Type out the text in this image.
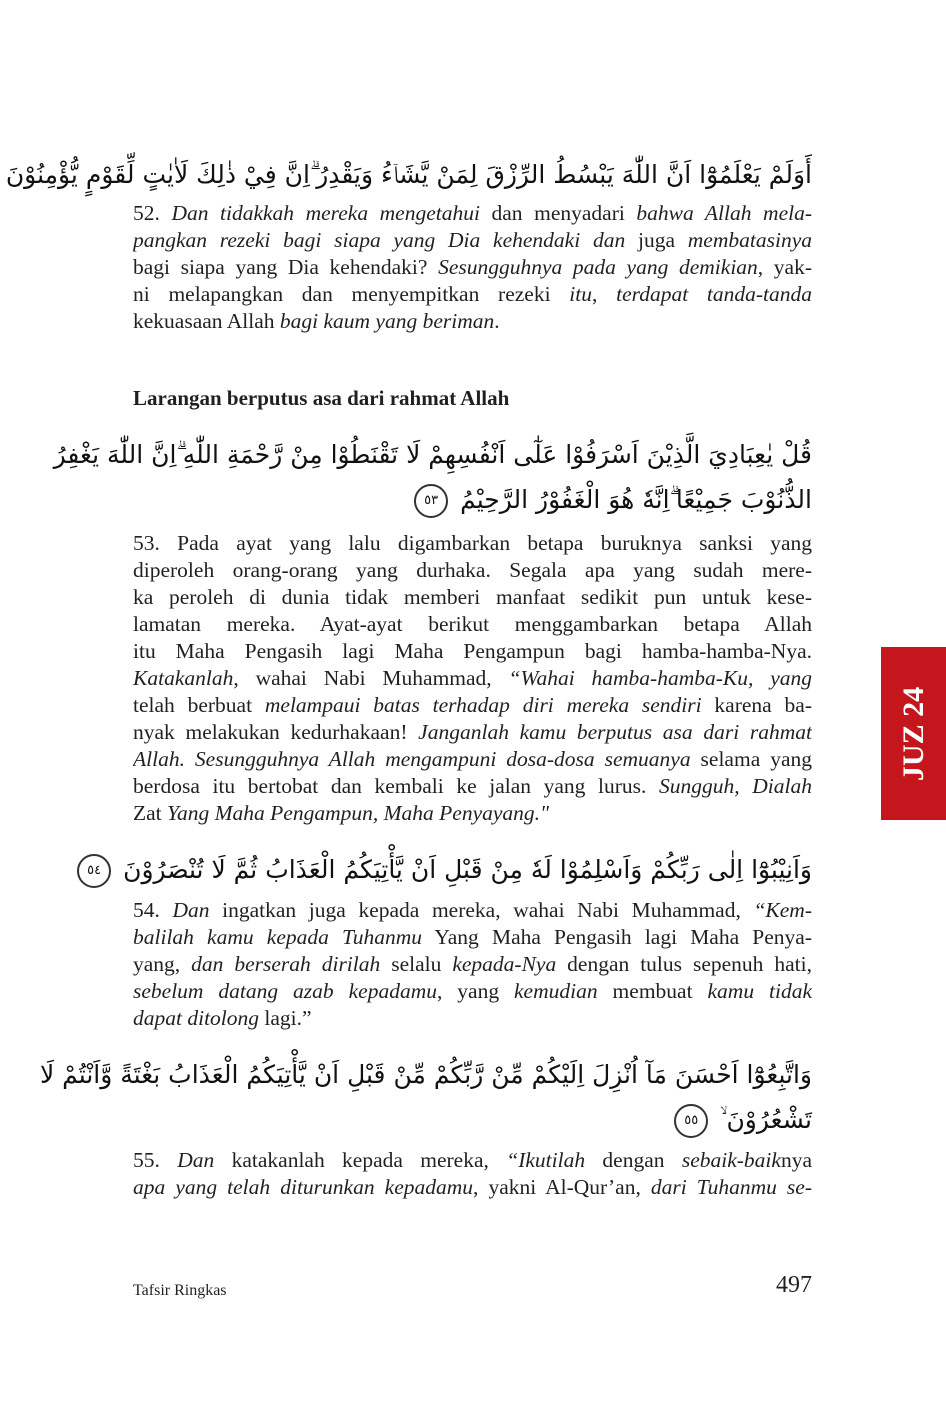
أَوَلَمْ يَعْلَمُوْٓا اَنَّ اللّٰهَ يَبْسُطُ الرِّزْقَ لِمَنْ يَّشَاۤءُ وَيَقْدِرُ ۗاِنَّ فِيْ ذٰلِكَ لَاٰيٰتٍ لِّقَوْمٍ يُّؤْمِنُوْنَ
52. Dan tidakkah mereka mengetahui dan menyadari bahwa Allah mela-
pangkan rezeki bagi siapa yang Dia kehendaki dan juga membatasinya
bagi siapa yang Dia kehendaki? Sesungguhnya pada yang demikian, yak-
ni melapangkan dan menyempitkan rezeki itu, terdapat tanda-tanda
kekuasaan Allah bagi kaum yang beriman.
Larangan berputus asa dari rahmat Allah
قُلْ يٰعِبَادِيَ الَّذِيْنَ اَسْرَفُوْا عَلٰٓى اَنْفُسِهِمْ لَا تَقْنَطُوْا مِنْ رَّحْمَةِ اللّٰهِ ۗاِنَّ اللّٰهَ يَغْفِرُ
الذُّنُوْبَ جَمِيْعًا ۗاِنَّهٗ هُوَ الْغَفُوْرُ الرَّحِيْمُ ٥٣
53. Pada ayat yang lalu digambarkan betapa buruknya sanksi yang
diperoleh orang-orang yang durhaka. Segala apa yang sudah mere-
ka peroleh di dunia tidak memberi manfaat sedikit pun untuk kese-
lamatan mereka. Ayat-ayat berikut menggambarkan betapa Allah
itu Maha Pengasih lagi Maha Pengampun bagi hamba-hamba-Nya.
Katakanlah, wahai Nabi Muhammad, “Wahai hamba-hamba-Ku, yang
telah berbuat melampaui batas terhadap diri mereka sendiri karena ba-
nyak melakukan kedurhakaan! Janganlah kamu berputus asa dari rahmat
Allah. Sesungguhnya Allah mengampuni dosa-dosa semuanya selama yang
berdosa itu bertobat dan kembali ke jalan yang lurus. Sungguh, Dialah
Zat Yang Maha Pengampun, Maha Penyayang."
وَاَنِيْبُوْٓا اِلٰى رَبِّكُمْ وَاَسْلِمُوْا لَهٗ مِنْ قَبْلِ اَنْ يَّأْتِيَكُمُ الْعَذَابُ ثُمَّ لَا تُنْصَرُوْنَ ٥٤
54. Dan ingatkan juga kepada mereka, wahai Nabi Muhammad, “Kem-
balilah kamu kepada Tuhanmu Yang Maha Pengasih lagi Maha Penya-
yang, dan berserah dirilah selalu kepada-Nya dengan tulus sepenuh hati,
sebelum datang azab kepadamu, yang kemudian membuat kamu tidak
dapat ditolong lagi.”
وَاتَّبِعُوْٓا اَحْسَنَ مَآ اُنْزِلَ اِلَيْكُمْ مِّنْ رَّبِّكُمْ مِّنْ قَبْلِ اَنْ يَّأْتِيَكُمُ الْعَذَابُ بَغْتَةً وَّاَنْتُمْ لَا
تَشْعُرُوْنَ ۙ ٥٥
55. Dan katakanlah kepada mereka, “Ikutilah dengan sebaik-baiknya
apa yang telah diturunkan kepadamu, yakni Al-Qur’an, dari Tuhanmu se-
JUZ 24
Tafsir Ringkas	497
